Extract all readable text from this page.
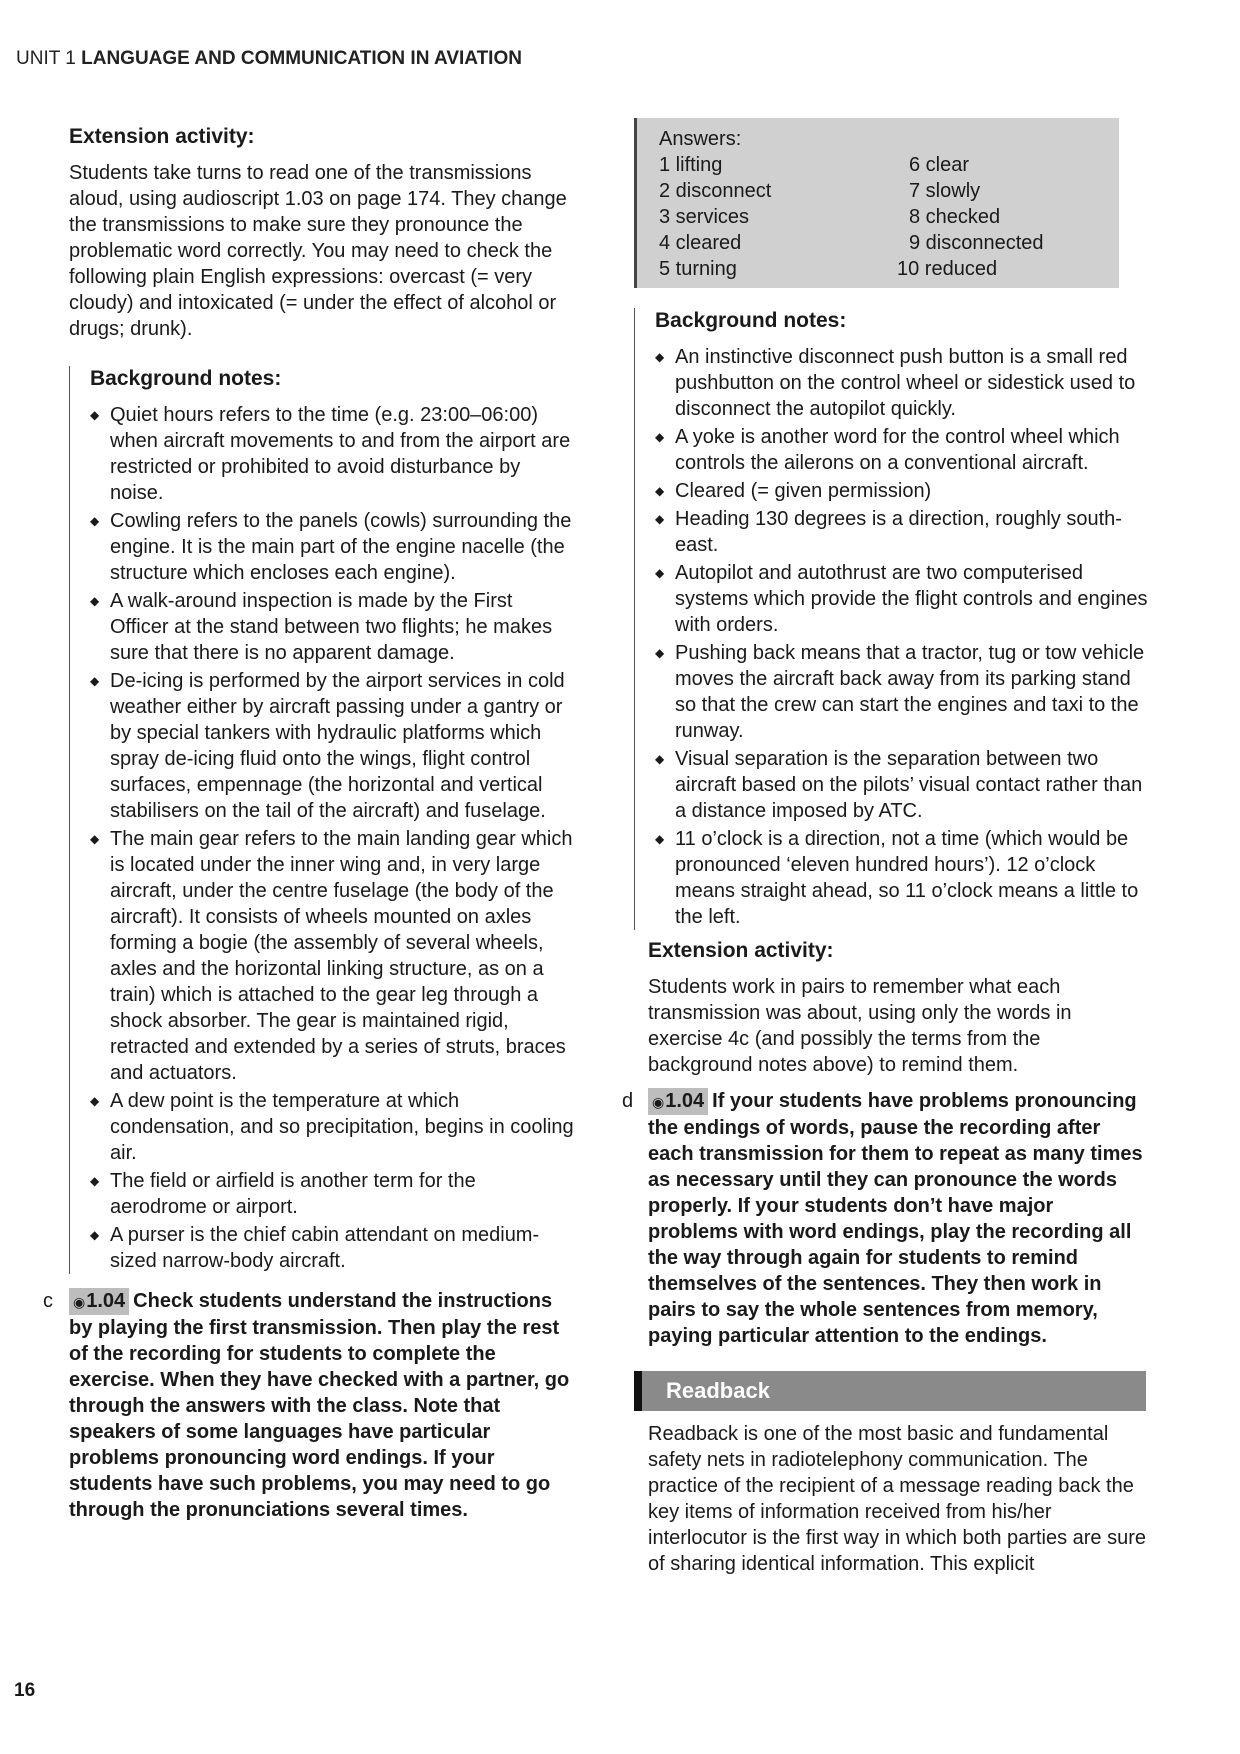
UNIT 1 LANGUAGE AND COMMUNICATION IN AVIATION
Extension activity:

Students take turns to read one of the transmissions aloud, using audioscript 1.03 on page 174. They change the transmissions to make sure they pronounce the problematic word correctly. You may need to check the following plain English expressions: overcast (= very cloudy) and intoxicated (= under the effect of alcohol or drugs; drunk).

Background notes:
◆ Quiet hours refers to the time (e.g. 23:00–06:00) when aircraft movements to and from the airport are restricted or prohibited to avoid disturbance by noise.
◆ Cowling refers to the panels (cowls) surrounding the engine. It is the main part of the engine nacelle (the structure which encloses each engine).
◆ A walk-around inspection is made by the First Officer at the stand between two flights; he makes sure that there is no apparent damage.
◆ De-icing is performed by the airport services in cold weather either by aircraft passing under a gantry or by special tankers with hydraulic platforms which spray de-icing fluid onto the wings, flight control surfaces, empennage (the horizontal and vertical stabilisers on the tail of the aircraft) and fuselage.
◆ The main gear refers to the main landing gear which is located under the inner wing and, in very large aircraft, under the centre fuselage (the body of the aircraft). It consists of wheels mounted on axles forming a bogie (the assembly of several wheels, axles and the horizontal linking structure, as on a train) which is attached to the gear leg through a shock absorber. The gear is maintained rigid, retracted and extended by a series of struts, braces and actuators.
◆ A dew point is the temperature at which condensation, and so precipitation, begins in cooling air.
◆ The field or airfield is another term for the aerodrome or airport.
◆ A purser is the chief cabin attendant on medium-sized narrow-body aircraft.
c ◉1.04 Check students understand the instructions by playing the first transmission. Then play the rest of the recording for students to complete the exercise. When they have checked with a partner, go through the answers with the class. Note that speakers of some languages have particular problems pronouncing word endings. If your students have such problems, you may need to go through the pronunciations several times.
Answers:
1 lifting	6 clear
2 disconnect	7 slowly
3 services	8 checked
4 cleared	9 disconnected
5 turning	10 reduced
Background notes:
◆ An instinctive disconnect push button is a small red pushbutton on the control wheel or sidestick used to disconnect the autopilot quickly.
◆ A yoke is another word for the control wheel which controls the ailerons on a conventional aircraft.
◆ Cleared (= given permission)
◆ Heading 130 degrees is a direction, roughly south-east.
◆ Autopilot and autothrust are two computerised systems which provide the flight controls and engines with orders.
◆ Pushing back means that a tractor, tug or tow vehicle moves the aircraft back away from its parking stand so that the crew can start the engines and taxi to the runway.
◆ Visual separation is the separation between two aircraft based on the pilots’ visual contact rather than a distance imposed by ATC.
◆ 11 o’clock is a direction, not a time (which would be pronounced ‘eleven hundred hours’). 12 o’clock means straight ahead, so 11 o’clock means a little to the left.
Extension activity:

Students work in pairs to remember what each transmission was about, using only the words in exercise 4c (and possibly the terms from the background notes above) to remind them.

d ◉1.04 If your students have problems pronouncing the endings of words, pause the recording after each transmission for them to repeat as many times as necessary until they can pronounce the words properly. If your students don’t have major problems with word endings, play the recording all the way through again for students to remind themselves of the sentences. They then work in pairs to say the whole sentences from memory, paying particular attention to the endings.
Readback

Readback is one of the most basic and fundamental safety nets in radiotelephony communication. The practice of the recipient of a message reading back the key items of information received from his/her interlocutor is the first way in which both parties are sure of sharing identical information. This explicit

16
